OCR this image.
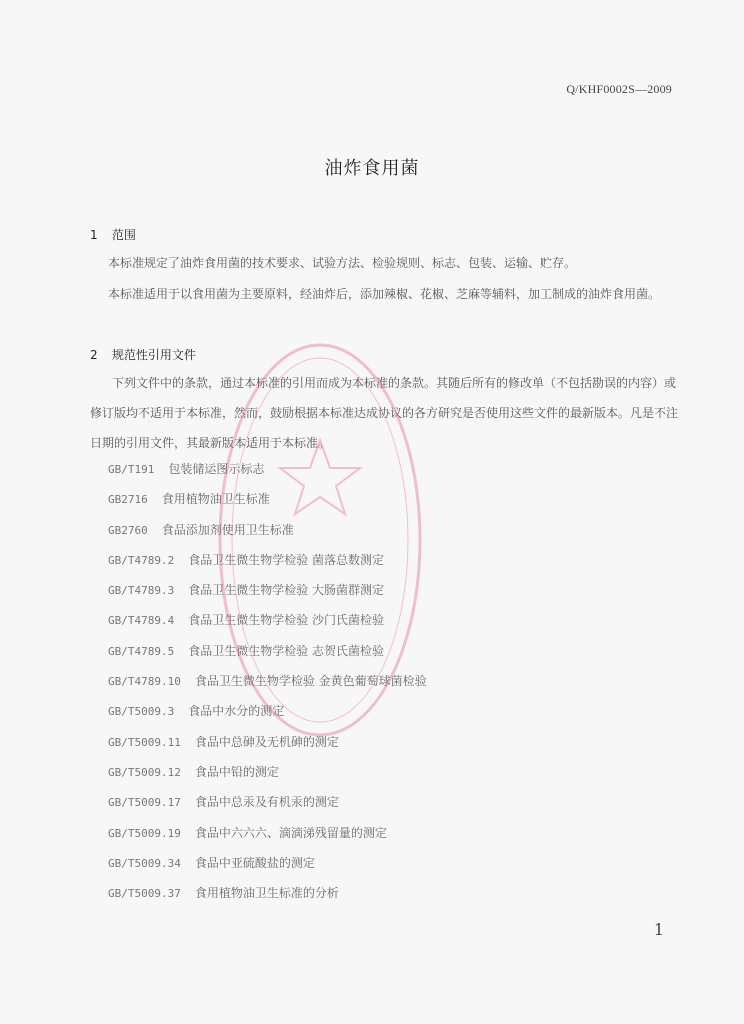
Q/KHF0002S—2009
油炸食用菌
1 范围
本标准规定了油炸食用菌的技术要求、试验方法、检验规则、标志、包装、运输、贮存。
本标准适用于以食用菌为主要原料，经油炸后，添加辣椒、花椒、芝麻等辅料，加工制成的油炸食用菌。
2 规范性引用文件
下列文件中的条款，通过本标准的引用而成为本标准的条款。其随后所有的修改单（不包括勘误的内容）或
修订版均不适用于本标准，然而，鼓励根据本标准达成协议的各方研究是否使用这些文件的最新版本。凡是不注
日期的引用文件，其最新版本适用于本标准。
GB/T191 包装储运图示标志
GB2716 食用植物油卫生标准
GB2760 食品添加剂使用卫生标准
GB/T4789.2 食品卫生微生物学检验 菌落总数测定
GB/T4789.3 食品卫生微生物学检验 大肠菌群测定
GB/T4789.4 食品卫生微生物学检验 沙门氏菌检验
GB/T4789.5 食品卫生微生物学检验 志贺氏菌检验
GB/T4789.10 食品卫生微生物学检验 金黄色葡萄球菌检验
GB/T5009.3 食品中水分的测定
GB/T5009.11 食品中总砷及无机砷的测定
GB/T5009.12 食品中铅的测定
GB/T5009.17 食品中总汞及有机汞的测定
GB/T5009.19 食品中六六六、滴滴涕残留量的测定
GB/T5009.34 食品中亚硫酸盐的测定
GB/T5009.37 食用植物油卫生标准的分析
1
